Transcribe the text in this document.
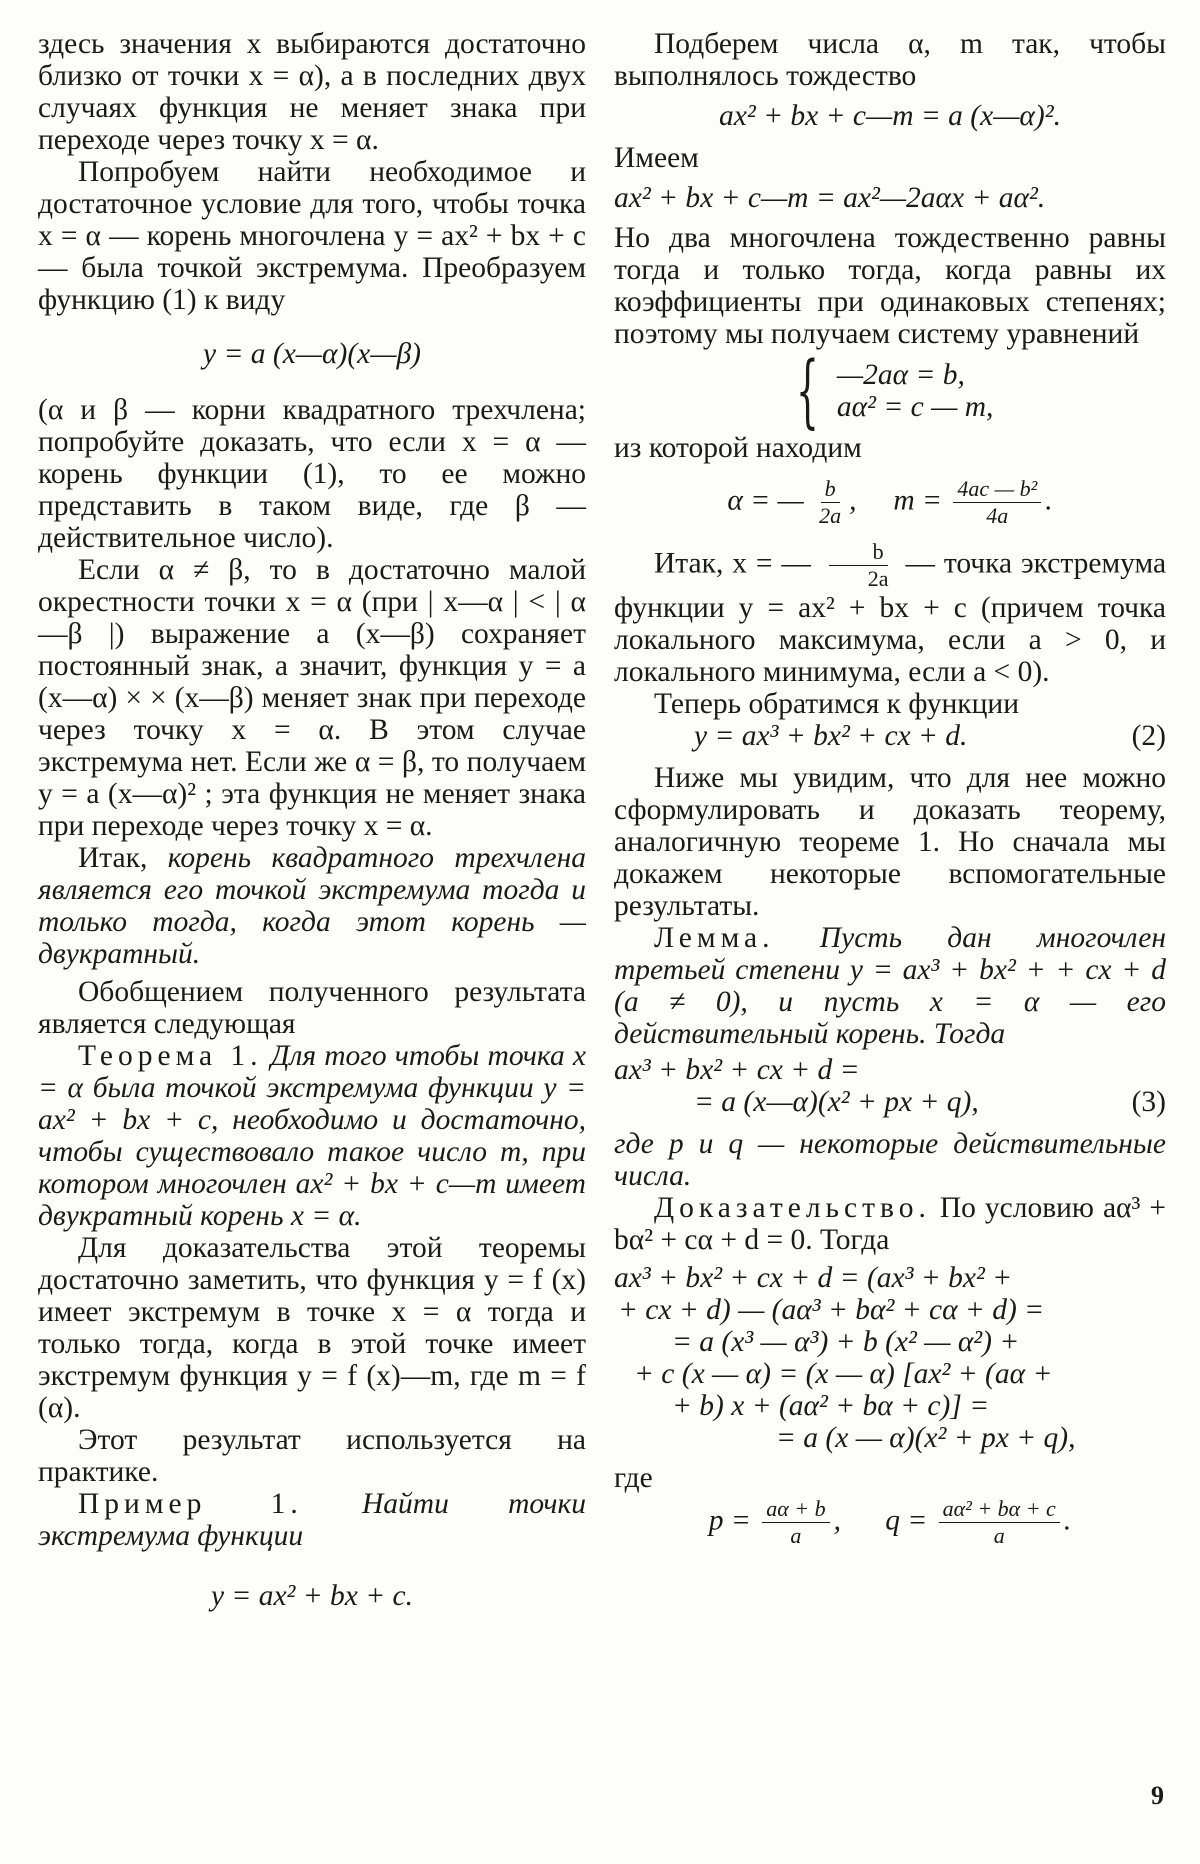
здесь значения x выбираются достаточно близко от точки x = α), а в последних двух случаях функция не меняет знака при переходе через точку x = α.

Попробуем найти необходимое и достаточное условие для того, чтобы точка x = α — корень многочлена y = ax² + bx + c — была точкой экстремума. Преобразуем функцию (1) к виду

y = a (x—α)(x—β)

(α и β — корни квадратного трехчлена; попробуйте доказать, что если x = α — корень функции (1), то ее можно представить в таком виде, где β — действительное число).

Если α ≠ β, то в достаточно малой окрестности точки x = α (при | x—α | < | α—β |) выражение a (x—β) сохраняет постоянный знак, а значит, функция y = a (x—α) × × (x—β) меняет знак при переходе через точку x = α. В этом случае экстремума нет. Если же α = β, то получаем y = a (x—α)² ; эта функция не меняет знака при переходе через точку x = α.

Итак, корень квадратного трехчлена является его точкой экстремума тогда и только тогда, когда этот корень — двукратный.

Обобщением полученного результата является следующая

Теорема 1. Для того чтобы точка x = α была точкой экстремума функции y = ax² + bx + c, необходимо и достаточно, чтобы существовало такое число m, при котором многочлен ax² + bx + c—m имеет двукратный корень x = α.

Для доказательства этой теоремы достаточно заметить, что функция y = f (x) имеет экстремум в точке x = α тогда и только тогда, когда в этой точке имеет экстремум функция y = f (x)—m, где m = f (α).

Этот результат используется на практике.

Пример 1. Найти точки экстремума функции

y = ax² + bx + c.

Подберем числа α, m так, чтобы выполнялось тождество

ax² + bx + c—m = a (x—α)².

Имеем

ax² + bx + c—m = ax²—2aαx + aα².

Но два многочлена тождественно равны тогда и только тогда, когда равны их коэффициенты при одинаковых степенях; поэтому мы получаем систему уравнений

{ —2aα = b,
aα² = c — m,

из которой находим

α = — $\frac{b}{2a}$ ,     $m = \frac{\text{4ac — b²}}{4a}$ .

Итак, x = — $\frac{b}{2a}$ — точка экстремума функции y = ax² + bx + c (причем точка локального максимума, если a > 0, и локального минимума, если a < 0).

Теперь обратимся к функции

y = ax³ + bx² + cx + d.	(2)

Ниже мы увидим, что для нее можно сформулировать и доказать теорему, аналогичную теореме 1. Но сначала мы докажем некоторые вспомогательные результаты.

Лемма. Пусть дан многочлен третьей степени y = ax³ + bx² + + cx + d (a ≠ 0), и пусть x = α — его действительный корень. Тогда

ax³ + bx² + cx + d =
= a (x—α)(x² + px + q),	(3)

где p и q — некоторые действительные числа.

Доказательство. По условию aα³ + bα² + cα + d = 0. Тогда

ax³ + bx² + cx + d = (ax³ + bx² +
+ cx + d) — (aα³ + bα² + cα + d) =
= a (x³ — α³) + b (x² — α²) +
+ c (x — α) = (x — α) [ax² + (aα +
+ b) x + (aα² + bα + c)] =
= a (x — α)(x² + px + q),

где

$p = \frac{a\alpha + b}{a}$ ,      $q = \frac{\text{aα² + bα + c}}{a}$ .

9
